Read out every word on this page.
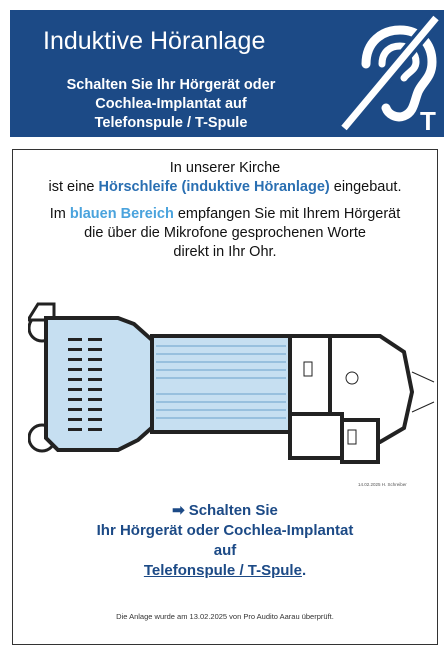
Induktive Höranlage
Schalten Sie Ihr Hörgerät oder
Cochlea-Implantat auf
Telefonspule / T-Spule	T

In unserer Kirche

ist eine Hörschleife (induktive Höranlage) eingebaut.

Im blauen Bereich empfangen Sie mit Ihrem Hörgerät

die über die Mikrofone gesprochenen Worte

direkt in Ihr Ohr.

14.02.2025 H. Schreiber
➡ Schalten Sie
Ihr Hörgerät oder Cochlea-Implantat
auf
Telefonspule / T-Spule.
Die Anlage wurde am 13.02.2025 von Pro Audito Aarau überprüft.
